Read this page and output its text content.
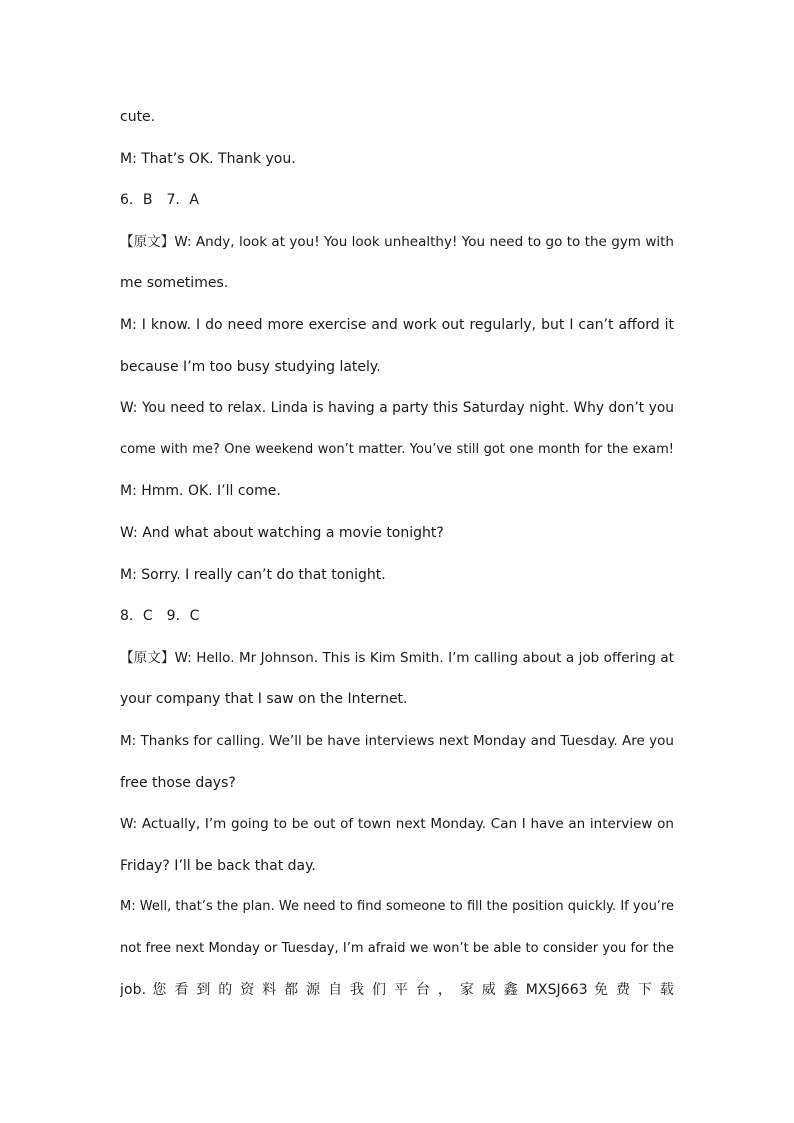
cute.
M: That’s OK. Thank you.
6．B　7．A
【原文】W: Andy, look at you! You look unhealthy! You need to go to the gym with
me sometimes.
M: I know. I do need more exercise and work out regularly, but I can’t afford it
because I’m too busy studying lately.
W: You need to relax. Linda is having a party this Saturday night. Why don’t you
come with me? One weekend won’t matter. You’ve still got one month for the exam!
M: Hmm. OK. I’ll come.
W: And what about watching a movie tonight?
M: Sorry. I really can’t do that tonight.
8．C　9．C
【原文】W: Hello. Mr Johnson. This is Kim Smith. I’m calling about a job offering at
your company that I saw on the Internet.
M: Thanks for calling. We’ll be have interviews next Monday and Tuesday. Are you
free those days?
W: Actually, I’m going to be out of town next Monday. Can I have an interview on
Friday? I’ll be back that day.
M: Well, that’s the plan. We need to find someone to fill the position quickly. If you’re
not free next Monday or Tuesday, I’m afraid we won’t be able to consider you for the
job. 您 看 到 的 资 料 都 源 自 我 们 平 台 ， 家 威 鑫 MXSJ663 免 费 下 载
